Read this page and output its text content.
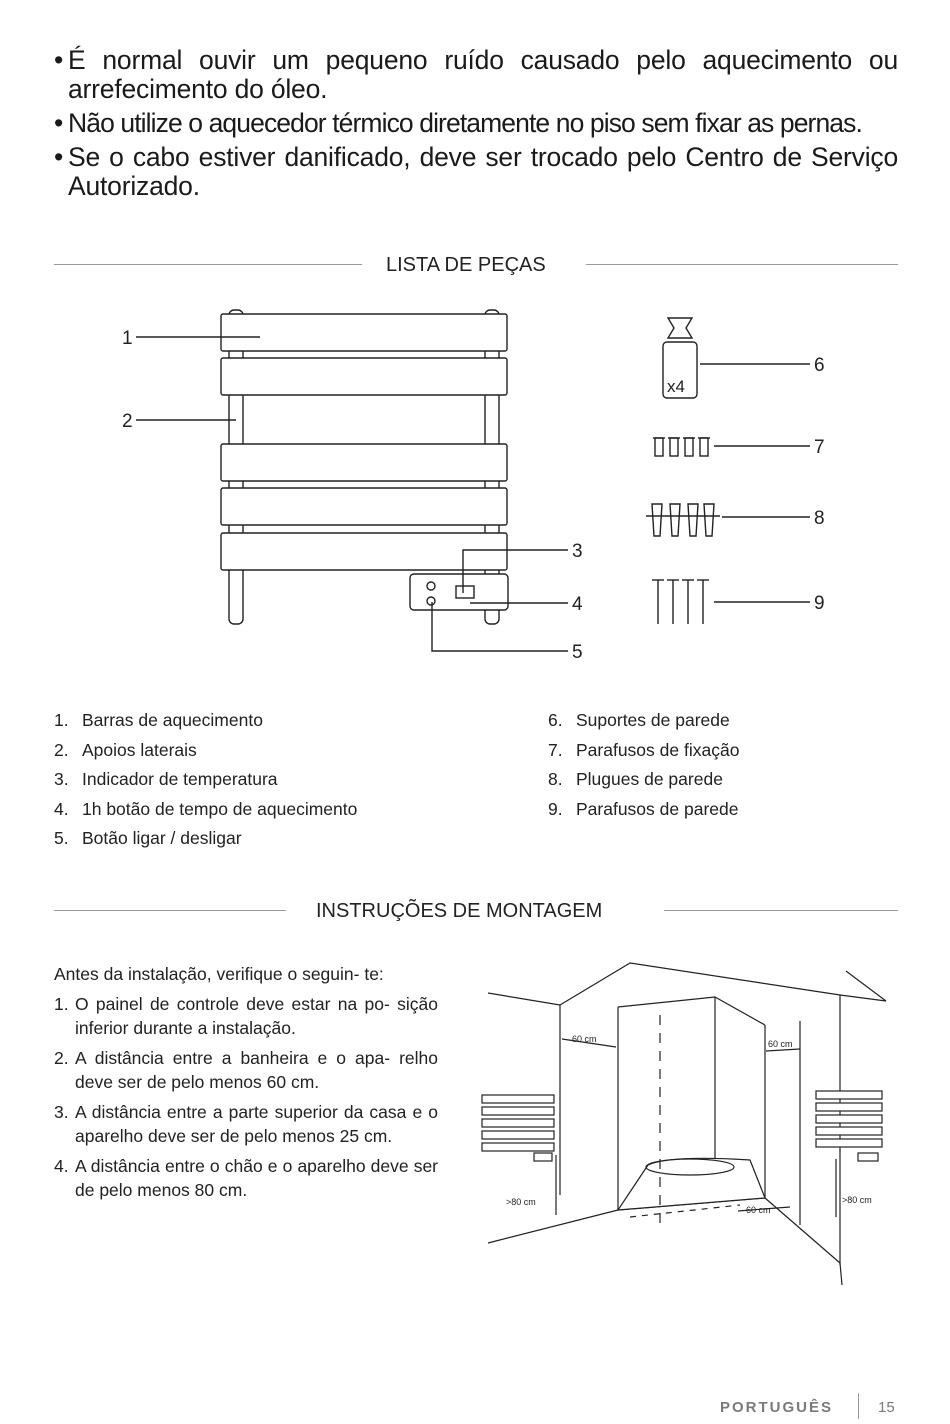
• É normal ouvir um pequeno ruído causado pelo aquecimento ou arrefecimento do óleo.
• Não utilize o aquecedor térmico diretamente no piso sem fixar as pernas.
• Se o cabo estiver danificado, deve ser trocado pelo Centro de Serviço Autorizado.
LISTA DE PEÇAS
1
2
3
4
5
6
7
8
9
x4
1. Barras de aquecimento
2. Apoios laterais
3. Indicador de temperatura
4. 1h botão de tempo de aquecimento
5. Botão ligar / desligar
6. Suportes de parede
7. Parafusos de fixação
8. Plugues de parede
9. Parafusos de parede
INSTRUÇÕES DE MONTAGEM

Antes da instalação, verifique o seguin- te:

1. O painel de controle deve estar na po- sição inferior durante a instalação.
2. A distância entre a banheira e o apa- relho deve ser de pelo menos 60 cm.
3. A distância entre a parte superior da casa e o aparelho deve ser de pelo menos 25 cm.
4. A distância entre o chão e o aparelho deve ser de pelo menos 80 cm.
60 cm	60 cm
>80 cm	>80 cm
60 cm
PORTUGUÊS	15
